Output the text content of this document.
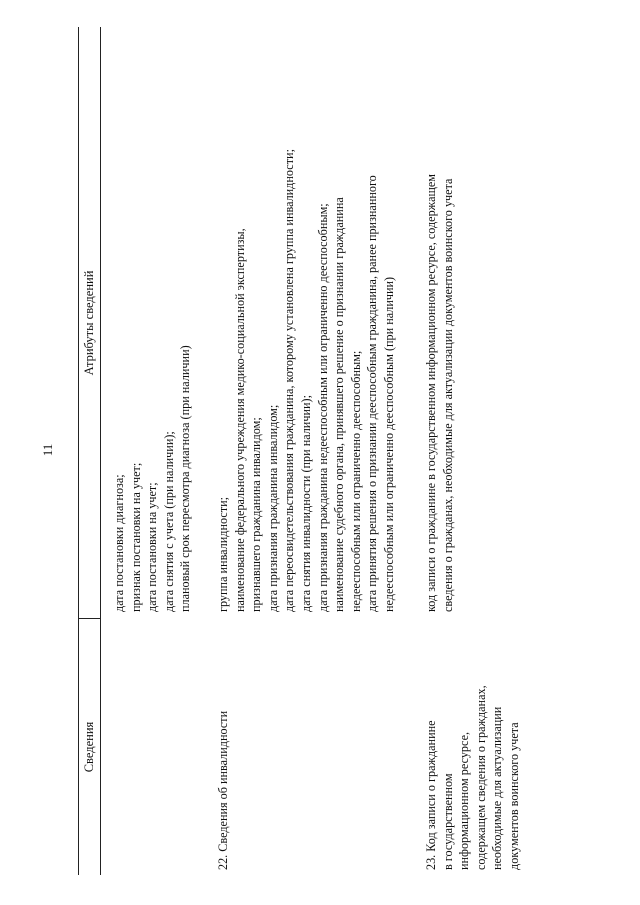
11
Сведения
Атрибуты сведений
дата постановки диагноза; признак постановки на учет; дата постановки на учет; дата снятия с учета (при наличии); плановый срок пересмотра диагноза (при наличии)
22. Сведения об инвалидности
группа инвалидности; наименование федерального учреждения медико-социальной экспертизы, признавшего гражданина инвалидом; дата признания гражданина инвалидом; дата переосвидетельствования гражданина, которому установлена группа инвалидности; дата снятия инвалидности (при наличии); дата признания гражданина недееспособным или ограниченно дееспособным; наименование судебного органа, принявшего решение о признании гражданина недееспособным или ограниченно дееспособным; дата принятия решения о признании дееспособным гражданина, ранее признанного недееспособным или ограниченно дееспособным (при наличии)
23. Код записи о гражданине в государственном информационном ресурсе, содержащем сведения о гражданах, необходимые для актуализации документов воинского учета
код записи о гражданине в государственном информационном ресурсе, содержащем сведения о гражданах, необходимые для актуализации документов воинского учета
